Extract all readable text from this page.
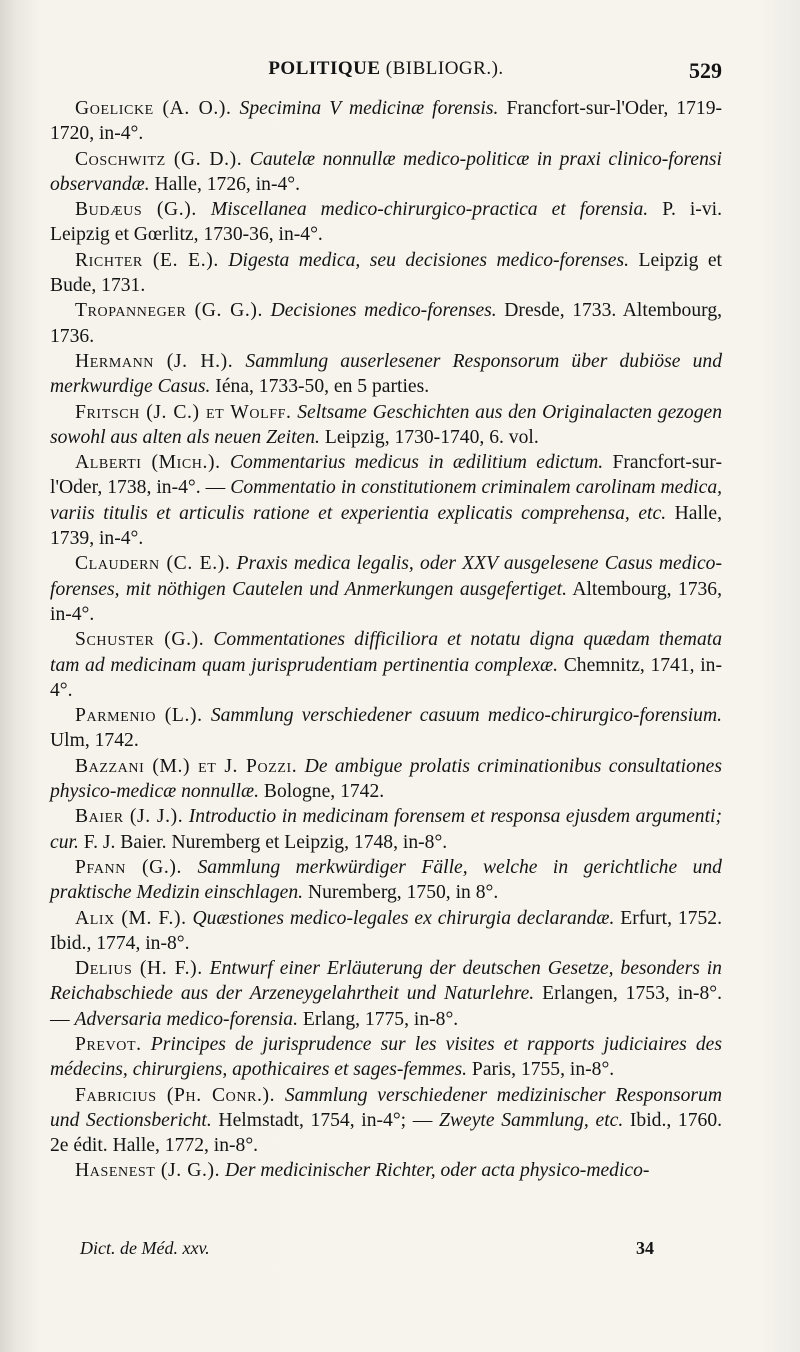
POLITIQUE (BIBLIOGR.).	529

Goelicke (A. O.). Specimina V medicinæ forensis. Francfort-sur-l'Oder, 1719-1720, in-4°.

Coschwitz (G. D.). Cautelæ nonnullæ medico-politicæ in praxi clinico-forensi observandæ. Halle, 1726, in-4°.

Budæus (G.). Miscellanea medico-chirurgico-practica et forensia. P. i-vi. Leipzig et Gœrlitz, 1730-36, in-4°.

Richter (E. E.). Digesta medica, seu decisiones medico-forenses. Leipzig et Bude, 1731.

Tropanneger (G. G.). Decisiones medico-forenses. Dresde, 1733. Altembourg, 1736.

Hermann (J. H.). Sammlung auserlesener Responsorum über dubiöse und merkwurdige Casus. Iéna, 1733-50, en 5 parties.

Fritsch (J. C.) et Wolff. Seltsame Geschichten aus den Originalacten gezogen sowohl aus alten als neuen Zeiten. Leipzig, 1730-1740, 6. vol.

Alberti (Mich.). Commentarius medicus in ædilitium edictum. Francfort-sur-l'Oder, 1738, in-4°. — Commentatio in constitutionem criminalem carolinam medica, variis titulis et articulis ratione et experientia explicatis comprehensa, etc. Halle, 1739, in-4°.

Claudern (C. E.). Praxis medica legalis, oder XXV ausgelesene Casus medico-forenses, mit nöthigen Cautelen und Anmerkungen ausgefertiget. Altembourg, 1736, in-4°.

Schuster (G.). Commentationes difficiliora et notatu digna quædam themata tam ad medicinam quam jurisprudentiam pertinentia complexæ. Chemnitz, 1741, in-4°.

Parmenio (L.). Sammlung verschiedener casuum medico-chirurgico-forensium. Ulm, 1742.

Bazzani (M.) et J. Pozzi. De ambigue prolatis criminationibus consultationes physico-medicæ nonnullæ. Bologne, 1742.

Baier (J. J.). Introductio in medicinam forensem et responsa ejusdem argumenti; cur. F. J. Baier. Nuremberg et Leipzig, 1748, in-8°.

Pfann (G.). Sammlung merkwürdiger Fälle, welche in gerichtliche und praktische Medizin einschlagen. Nuremberg, 1750, in 8°.

Alix (M. F.). Quæstiones medico-legales ex chirurgia declarandæ. Erfurt, 1752. Ibid., 1774, in-8°.

Delius (H. F.). Entwurf einer Erläuterung der deutschen Gesetze, besonders in Reichabschiede aus der Arzeneygelahrtheit und Naturlehre. Erlangen, 1753, in-8°. — Adversaria medico-forensia. Erlang, 1775, in-8°.

Prevot. Principes de jurisprudence sur les visites et rapports judiciaires des médecins, chirurgiens, apothicaires et sages-femmes. Paris, 1755, in-8°.

Fabricius (Ph. Conr.). Sammlung verschiedener medizinischer Responsorum und Sectionsbericht. Helmstadt, 1754, in-4°; — Zweyte Sammlung, etc. Ibid., 1760. 2e édit. Halle, 1772, in-8°.

Hasenest (J. G.). Der medicinischer Richter, oder acta physico-medico-

Dict. de Méd. xxv.	34
